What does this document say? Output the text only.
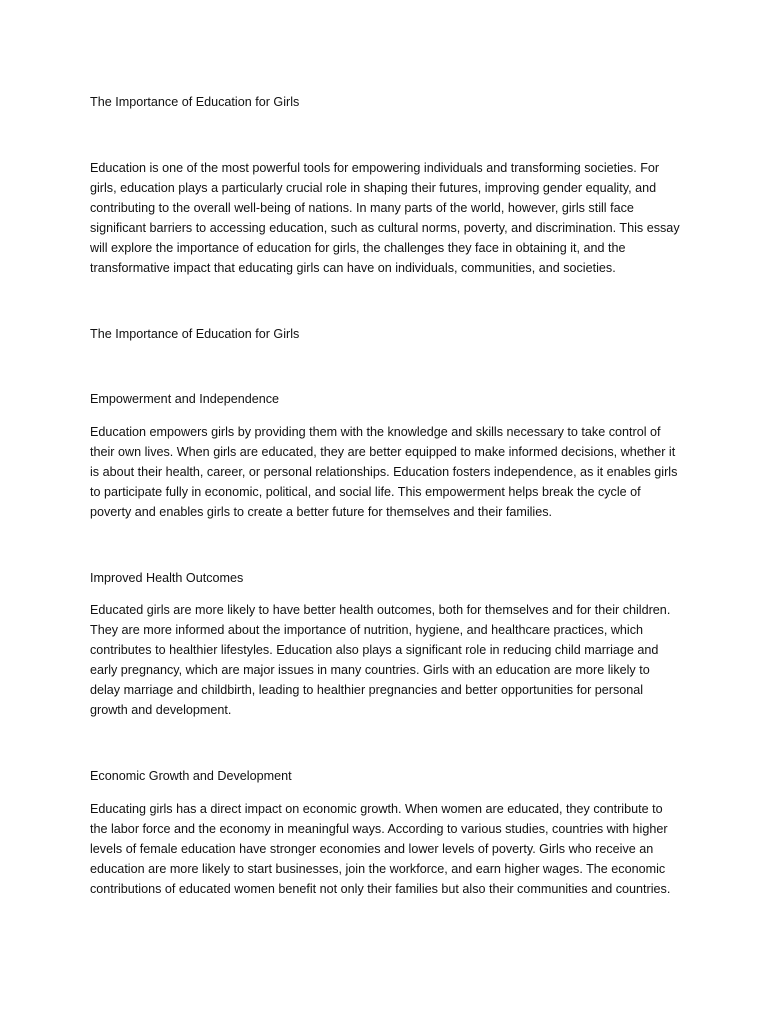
The Importance of Education for Girls

Education is one of the most powerful tools for empowering individuals and transforming societies. For girls, education plays a particularly crucial role in shaping their futures, improving gender equality, and contributing to the overall well-being of nations. In many parts of the world, however, girls still face significant barriers to accessing education, such as cultural norms, poverty, and discrimination. This essay will explore the importance of education for girls, the challenges they face in obtaining it, and the transformative impact that educating girls can have on individuals, communities, and societies.

The Importance of Education for Girls

Empowerment and Independence

Education empowers girls by providing them with the knowledge and skills necessary to take control of their own lives. When girls are educated, they are better equipped to make informed decisions, whether it is about their health, career, or personal relationships. Education fosters independence, as it enables girls to participate fully in economic, political, and social life. This empowerment helps break the cycle of poverty and enables girls to create a better future for themselves and their families.

Improved Health Outcomes

Educated girls are more likely to have better health outcomes, both for themselves and for their children. They are more informed about the importance of nutrition, hygiene, and healthcare practices, which contributes to healthier lifestyles. Education also plays a significant role in reducing child marriage and early pregnancy, which are major issues in many countries. Girls with an education are more likely to delay marriage and childbirth, leading to healthier pregnancies and better opportunities for personal growth and development.

Economic Growth and Development

Educating girls has a direct impact on economic growth. When women are educated, they contribute to the labor force and the economy in meaningful ways. According to various studies, countries with higher levels of female education have stronger economies and lower levels of poverty. Girls who receive an education are more likely to start businesses, join the workforce, and earn higher wages. The economic contributions of educated women benefit not only their families but also their communities and countries.
